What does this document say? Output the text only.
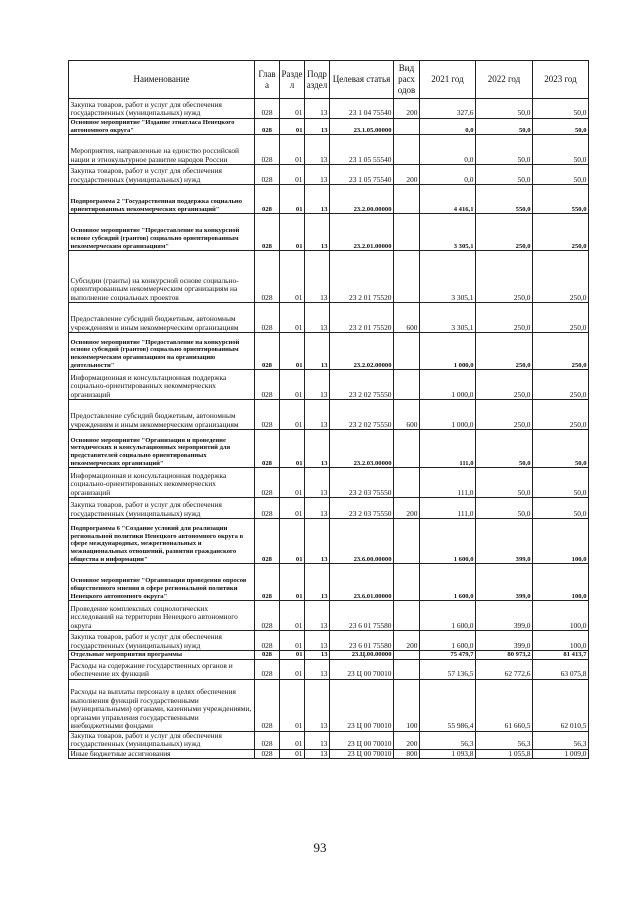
Наименование	Глав а	Разде л	Подр аздел	Целевая статья	Вид расх одов	2021 год	2022 год	2023 год
Закупка товаров, работ и услуг для обеспечения государственных (муниципальных) нужд	028	01	13	23 1 04 75540	200	327,6	50,0	50,0
Основное мероприятие "Издание этнатласа Ненецкого автономного округа"	028	01	13	23.1.05.00000		0,0	50,0	50,0
Мероприятия, направленные на единство российской нации и этнокультурное развитие народов России	028	01	13	23 1 05 55540		0,0	50,0	50,0
Закупка товаров, работ и услуг для обеспечения государственных (муниципальных) нужд	028	01	13	23 1 05 75540	200	0,0	50,0	50,0
Подпрограмма 2 "Государственная поддержка социально ориентированных некоммерческих организаций"	028	01	13	23.2.00.00000		4 416,1	550,0	550,0
Основное мероприятие "Предоставление на конкурсной основе субсидий (грантов) социально ориентированным некоммерческим организациям"	028	01	13	23.2.01.00000		3 305,1	250,0	250,0
Субсидии (гранты) на конкурсной основе социально-ориентированным некоммерческим организациям на выполнение социальных проектов	028	01	13	23 2 01 75520		3 305,1	250,0	250,0
Предоставление субсидий бюджетным, автономным учреждениям и иным некоммерческим организациям	028	01	13	23 2 01 75520	600	3 305,1	250,0	250,0
Основное мероприятие "Предоставление на конкурсной основе субсидий (грантов) социально ориентированным некоммерческим организациям на организацию деятельности"	028	01	13	23.2.02.00000		1 000,0	250,0	250,0
Информационная и консультационная поддержка социально-ориентированных некоммерческих организаций	028	01	13	23 2 02 75550		1 000,0	250,0	250,0
Предоставление субсидий бюджетным, автономным учреждениям и иным некоммерческим организациям	028	01	13	23 2 02 75550	600	1 000,0	250,0	250,0
Основное мероприятие "Организация и проведение методических и консультационных мероприятий для представителей социально ориентированных некоммерческих организаций"	028	01	13	23.2.03.00000		111,0	50,0	50,0
Информационная и консультационная поддержка социально-ориентированных некоммерческих организаций	028	01	13	23 2 03 75550		111,0	50,0	50,0
Закупка товаров, работ и услуг для обеспечения государственных (муниципальных) нужд	028	01	13	23 2 03 75550	200	111,0	50,0	50,0
Подпрограмма 6 "Создание условий для реализации региональной политики Ненецкого автономного округа в сфере международных, межрегиональных и межнациональных отношений, развития гражданского общества и информации"	028	01	13	23.6.00.00000		1 600,0	399,0	100,0
Основное мероприятие "Организация проведения опросов общественного мнения в сфере региональной политики Ненецкого автономного округа"	028	01	13	23.6.01.00000		1 600,0	399,0	100,0
Проведение комплексных социологических исследований на территории Ненецкого автономного округа	028	01	13	23 6 01 75580		1 600,0	399,0	100,0
Закупка товаров, работ и услуг для обеспечения государственных (муниципальных) нужд	028	01	13	23 6 01 75580	200	1 600,0	399,0	100,0
Отдельные мероприятия программы	028	01	13	23.Ц.00.00000		75 479,7	80 973,2	81 413,7
Расходы на содержание государственных органов и обеспечение их функций	028	01	13	23 Ц 00 70010		57 136,5	62 772,6	63 075,8
Расходы на выплаты персоналу в целях обеспечения выполнения функций государственными (муниципальными) органами, казенными учреждениями, органами управления государственными внебюджетными фондами	028	01	13	23 Ц 00 70010	100	55 986,4	61 660,5	62 010,5
Закупка товаров, работ и услуг для обеспечения государственных (муниципальных) нужд	028	01	13	23 Ц 00 70010	200	56,3	56,3	56,3
Иные бюджетные ассигнования	028	01	13	23 Ц 00 70010	800	1 093,8	1 055,8	1 009,0
93
